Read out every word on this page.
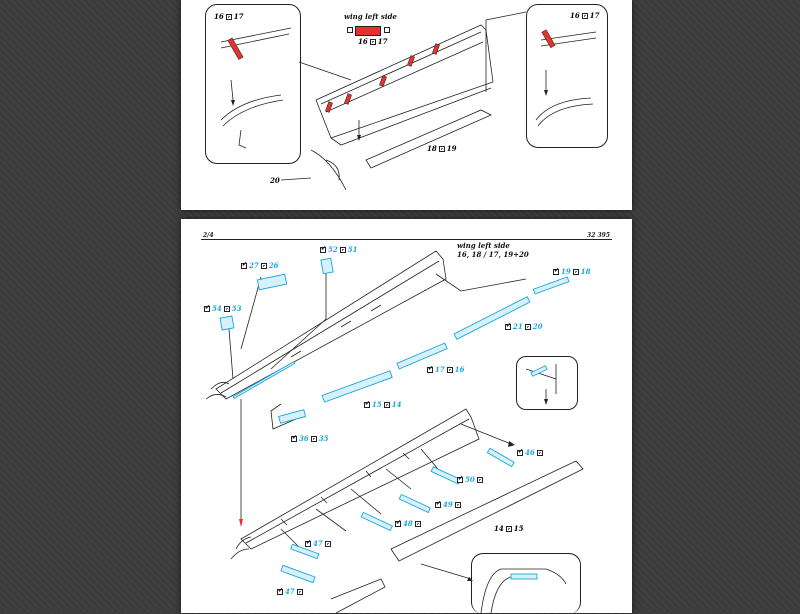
16 17	16 17
wing left side
16 17
20
18 19
2/4	32 395
wing left side
16, 18 / 17, 19+20
✔
27 26
✔
52 51
✔
54 53
✔
19 18
✔
21 20
✔
17 16
✔
15 14
✔
36 35
✔
46
✔
50
✔
49
✔
48
✔
47
✔
47
14 15
